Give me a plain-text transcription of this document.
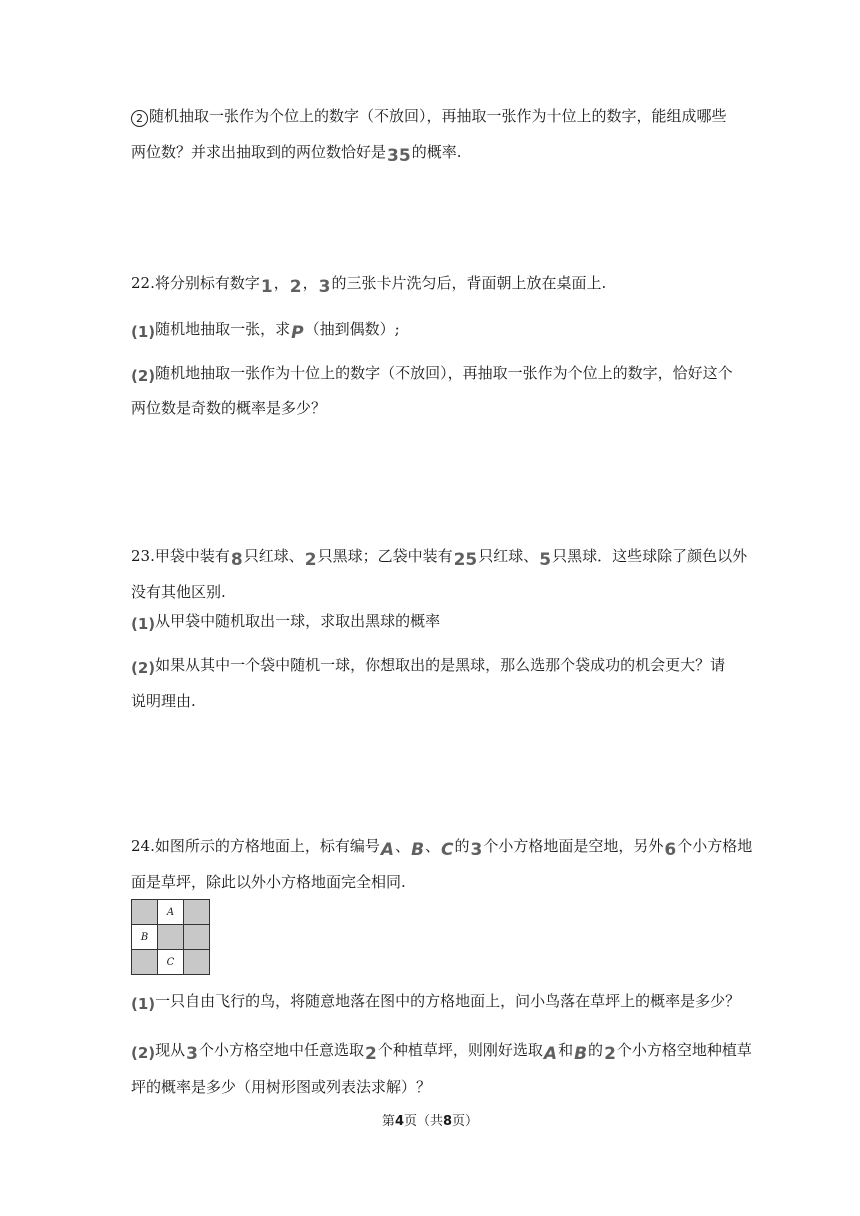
2 随机抽取一张作为个位上的数字（不放回），再抽取一张作为十位上的数字，能组成哪些
两位数？并求出抽取到的两位数恰好是35的概率.
22.将分别标有数字1，2，3的三张卡片洗匀后，背面朝上放在桌面上.
(1)随机地抽取一张，求P（抽到偶数）;
(2)随机地抽取一张作为十位上的数字（不放回），再抽取一张作为个位上的数字，恰好这个
两位数是奇数的概率是多少？
23.甲袋中装有8只红球、2只黑球；乙袋中装有25只红球、5只黑球．这些球除了颜色以外
没有其他区别.
(1)从甲袋中随机取出一球，求取出黑球的概率
(2)如果从其中一个袋中随机一球，你想取出的是黑球，那么选那个袋成功的机会更大？请
说明理由.
24.如图所示的方格地面上，标有编号A、B、C的3个小方格地面是空地，另外6个小方格地
面是草坪，除此以外小方格地面完全相同.
	A	
B		
	C	
(1)一只自由飞行的鸟，将随意地落在图中的方格地面上，问小鸟落在草坪上的概率是多少？
(2)现从3个小方格空地中任意选取2个种植草坪，则刚好选取A和B的2个小方格空地种植草
坪的概率是多少（用树形图或列表法求解）？
第4页（共8页）
